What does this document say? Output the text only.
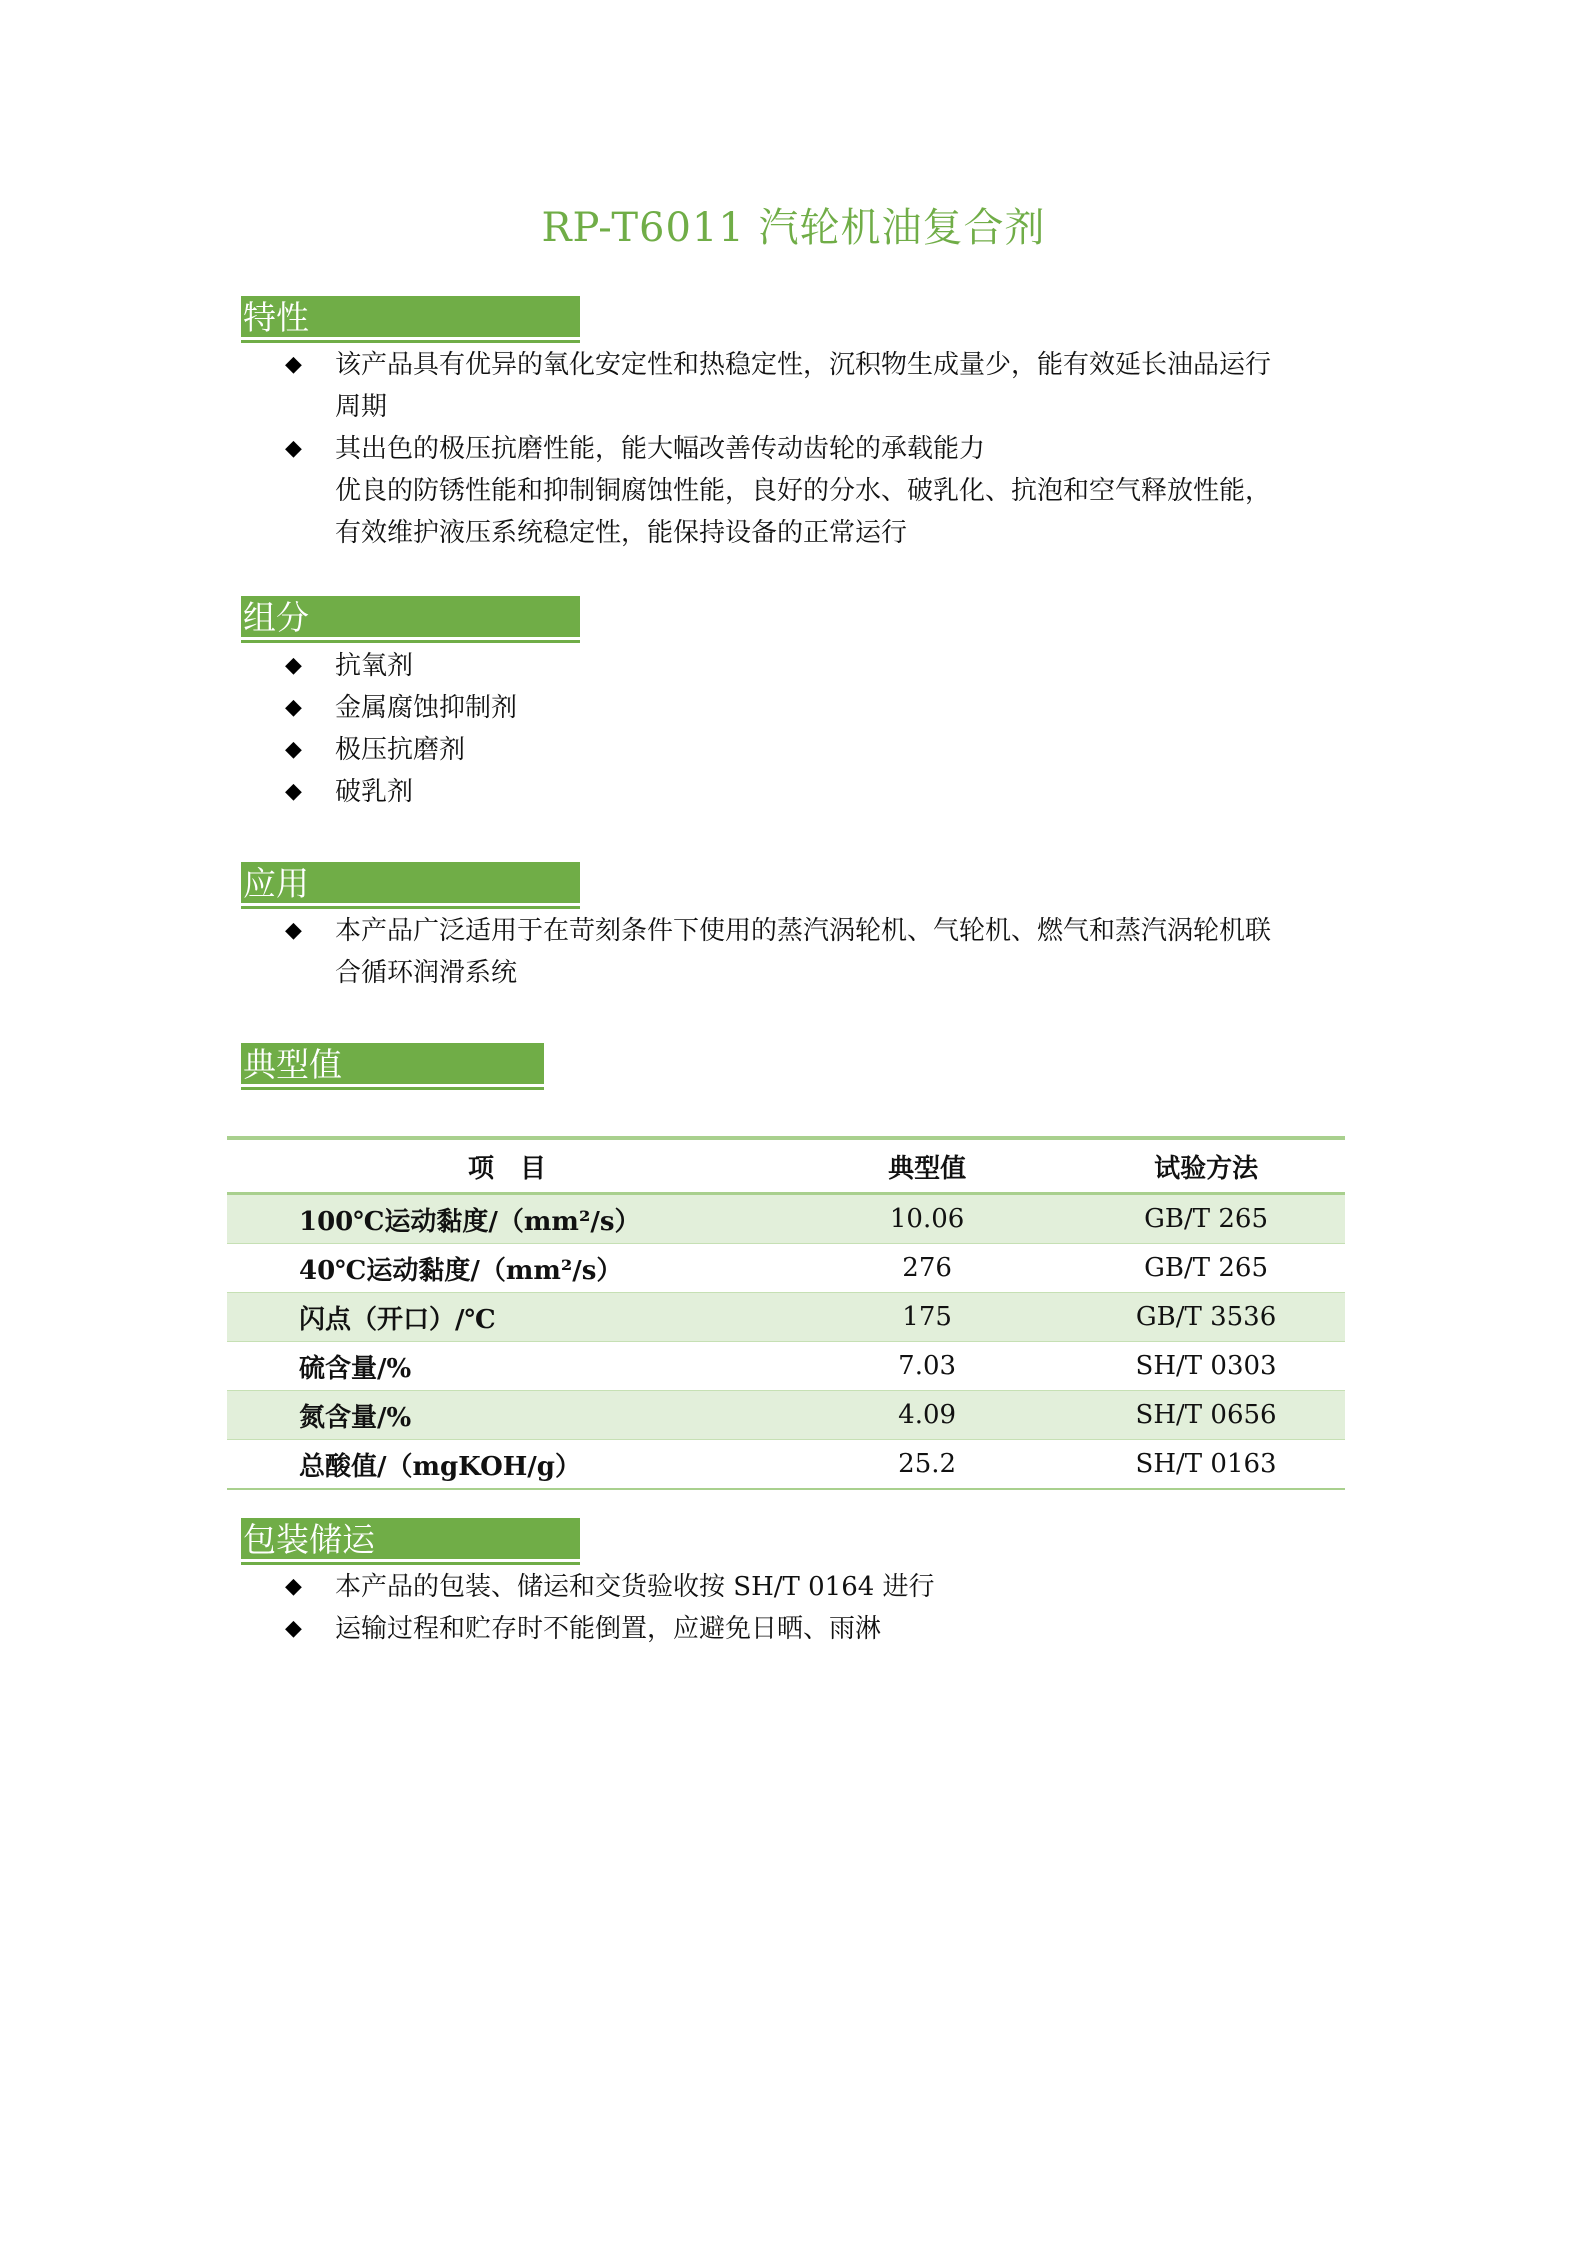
RP-T6011 汽轮机油复合剂
特性
◆ 该产品具有优异的氧化安定性和热稳定性，沉积物生成量少，能有效延长油品运行
周期
◆ 其出色的极压抗磨性能，能大幅改善传动齿轮的承载能力
优良的防锈性能和抑制铜腐蚀性能，良好的分水、破乳化、抗泡和空气释放性能，
有效维护液压系统稳定性，能保持设备的正常运行
组分
◆ 抗氧剂
◆ 金属腐蚀抑制剂
◆ 极压抗磨剂
◆ 破乳剂
应用
◆ 本产品广泛适用于在苛刻条件下使用的蒸汽涡轮机、气轮机、燃气和蒸汽涡轮机联
合循环润滑系统
典型值
项　目	典型值	试验方法
100℃运动黏度/（mm²/s）	10.06	GB/T 265
40℃运动黏度/（mm²/s）	276	GB/T 265
闪点（开口）/℃	175	GB/T 3536
硫含量/%	7.03	SH/T 0303
氮含量/%	4.09	SH/T 0656
总酸值/（mgKOH/g）	25.2	SH/T 0163
包装储运
◆ 本产品的包装、储运和交货验收按 SH/T 0164 进行
◆ 运输过程和贮存时不能倒置，应避免日晒、雨淋
